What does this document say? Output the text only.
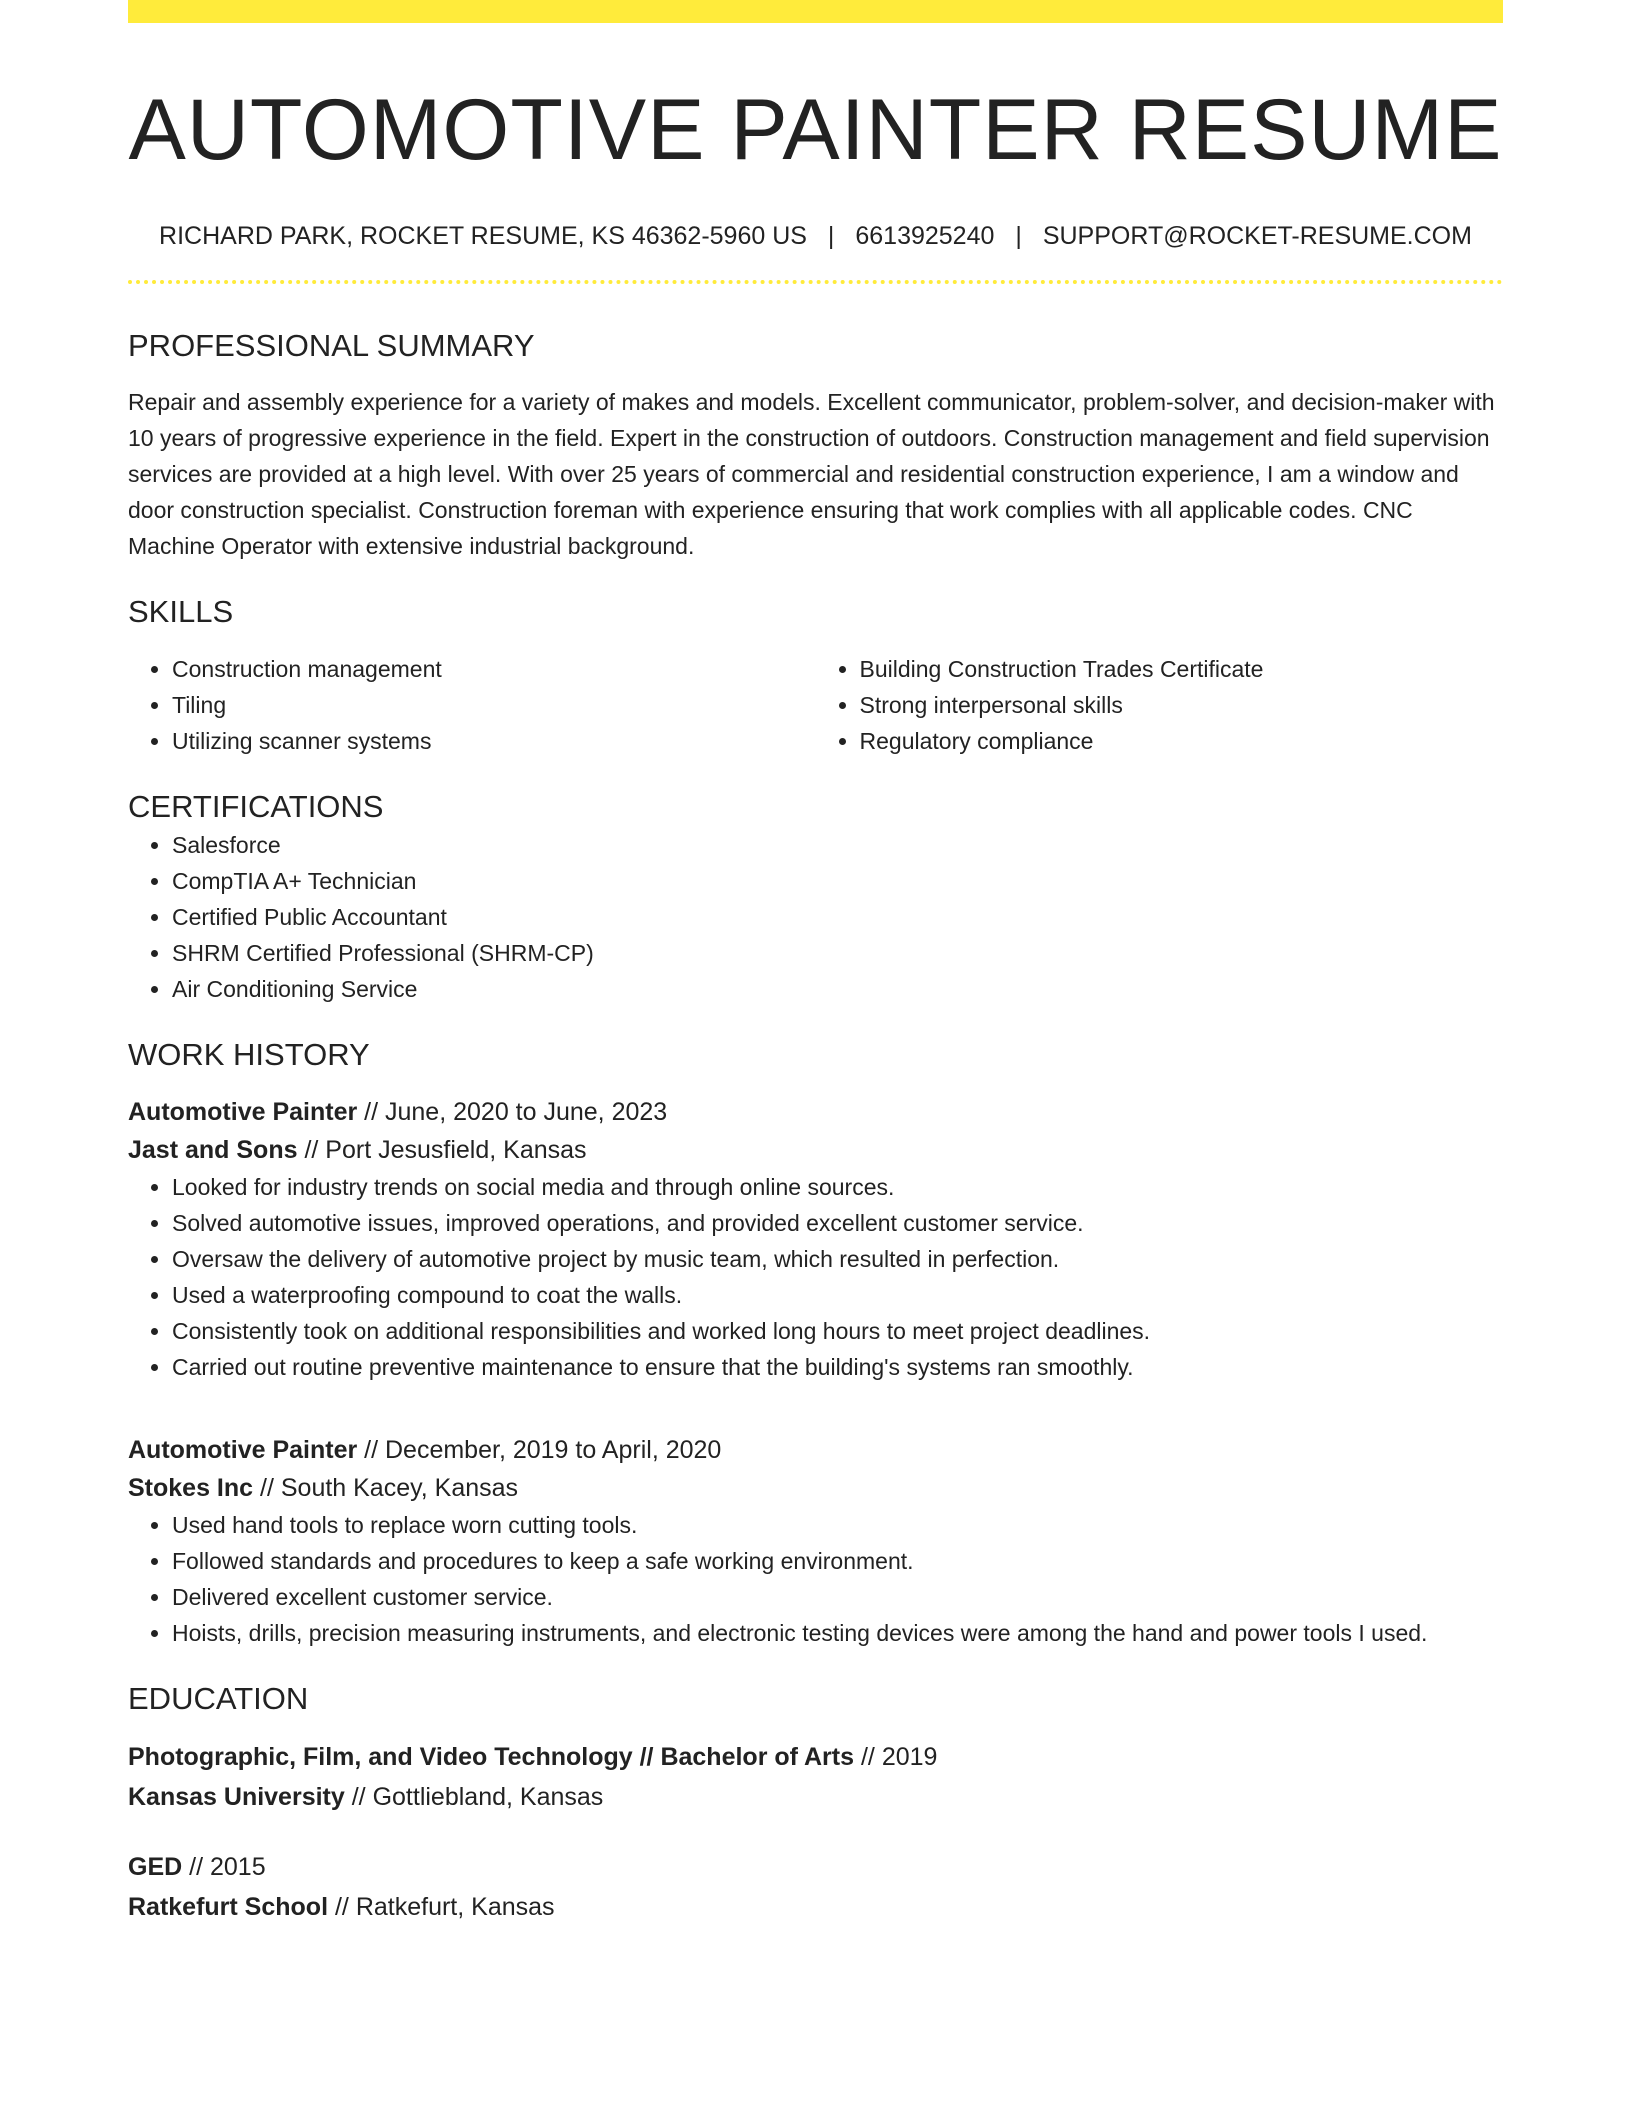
AUTOMOTIVE PAINTER RESUME
RICHARD PARK, ROCKET RESUME, KS 46362-5960 US | 6613925240 | SUPPORT@ROCKET-RESUME.COM
PROFESSIONAL SUMMARY

Repair and assembly experience for a variety of makes and models. Excellent communicator, problem-solver, and decision-maker with 10 years of progressive experience in the field. Expert in the construction of outdoors. Construction management and field supervision services are provided at a high level. With over 25 years of commercial and residential construction experience, I am a window and door construction specialist. Construction foreman with experience ensuring that work complies with all applicable codes. CNC Machine Operator with extensive industrial background.

SKILLS
• Construction management
• Tiling
• Utilizing scanner systems
• Building Construction Trades Certificate
• Strong interpersonal skills
• Regulatory compliance
CERTIFICATIONS
• Salesforce
• CompTIA A+ Technician
• Certified Public Accountant
• SHRM Certified Professional (SHRM-CP)
• Air Conditioning Service
WORK HISTORY
Automotive Painter // June, 2020 to June, 2023
Jast and Sons // Port Jesusfield, Kansas
• Looked for industry trends on social media and through online sources.
• Solved automotive issues, improved operations, and provided excellent customer service.
• Oversaw the delivery of automotive project by music team, which resulted in perfection.
• Used a waterproofing compound to coat the walls.
• Consistently took on additional responsibilities and worked long hours to meet project deadlines.
• Carried out routine preventive maintenance to ensure that the building's systems ran smoothly.
Automotive Painter // December, 2019 to April, 2020
Stokes Inc // South Kacey, Kansas
• Used hand tools to replace worn cutting tools.
• Followed standards and procedures to keep a safe working environment.
• Delivered excellent customer service.
• Hoists, drills, precision measuring instruments, and electronic testing devices were among the hand and power tools I used.
EDUCATION
Photographic, Film, and Video Technology // Bachelor of Arts // 2019
Kansas University // Gottliebland, Kansas
GED // 2015
Ratkefurt School // Ratkefurt, Kansas
